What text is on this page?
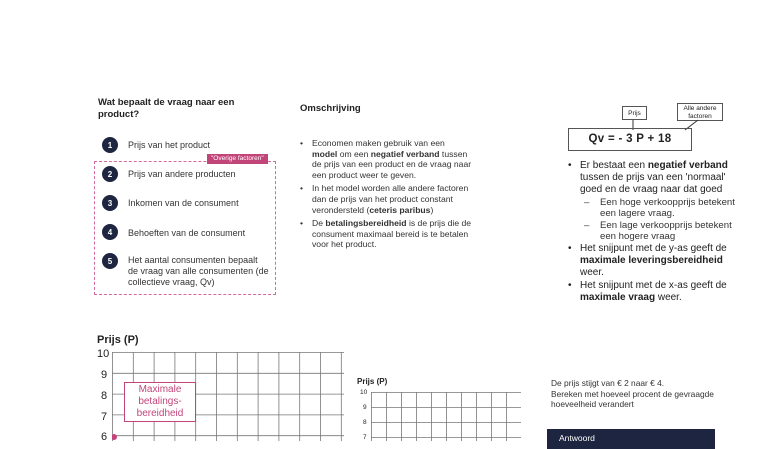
Wat bepaalt de vraag naar een product?
"Overige factoren"
1	Prijs van het product
2	Prijs van andere producten
3	Inkomen van de consument
4	Behoeften van de consument
5	Het aantal consumenten bepaalt de vraag van alle consumenten (de collectieve vraag, Qv)
Omschrijving
• Economen maken gebruik van een model om een negatief verband tussen de prijs van een product en de vraag naar een product weer te geven.
• In het model worden alle andere factoren dan de prijs van het product constant verondersteld (ceteris paribus)
• De betalingsbereidheid is de prijs die de consument maximaal bereid is te betalen voor het product.
Prijs
Alle andere factoren
Qv = - 3 P + 18
• Er bestaat een negatief verband tussen de prijs van een 'normaal' goed en de vraag naar dat goed
– Een hoge verkoopprijs betekent een lagere vraag.
– Een lage verkoopprijs betekent een hogere vraag
• Het snijpunt met de y-as geeft de maximale leveringsbereidheid weer.
• Het snijpunt met de x-as geeft de maximale vraag weer.
Prijs (P)
10
9
8
7
6
Maximale betalings-bereidheid
Prijs (P)
10
9
8
7
De prijs stijgt van € 2 naar € 4.
Bereken met hoeveel procent de gevraagde hoeveelheid verandert
Antwoord
